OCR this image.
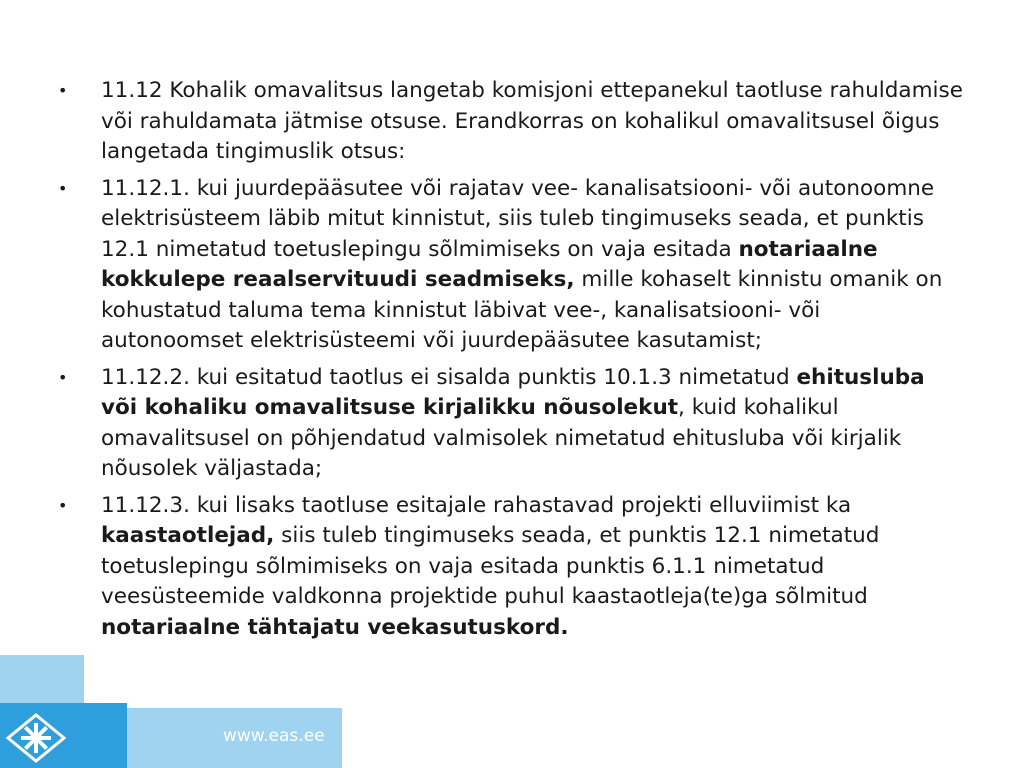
• 11.12 Kohalik omavalitsus langetab komisjoni ettepanekul taotluse rahuldamise või rahuldamata jätmise otsuse. Erandkorras on kohalikul omavalitsusel õigus langetada tingimuslik otsus:
• 11.12.1. kui juurdepääsutee või rajatav vee- kanalisatsiooni- või autonoomne elektrisüsteem läbib mitut kinnistut, siis tuleb tingimuseks seada, et punktis 12.1 nimetatud toetuslepingu sõlmimiseks on vaja esitada notariaalne kokkulepe reaalservituudi seadmiseks, mille kohaselt kinnistu omanik on kohustatud taluma tema kinnistut läbivat vee-, kanalisatsiooni- või autonoomset elektrisüsteemi või juurdepääsutee kasutamist;
• 11.12.2. kui esitatud taotlus ei sisalda punktis 10.1.3 nimetatud ehitusluba või kohaliku omavalitsuse kirjalikku nõusolekut, kuid kohalikul omavalitsusel on põhjendatud valmisolek nimetatud ehitusluba või kirjalik nõusolek väljastada;
• 11.12.3. kui lisaks taotluse esitajale rahastavad projekti elluviimist ka kaastaotlejad, siis tuleb tingimuseks seada, et punktis 12.1 nimetatud toetuslepingu sõlmimiseks on vaja esitada punktis 6.1.1 nimetatud veesüsteemide valdkonna projektide puhul kaastaotleja(te)ga sõlmitud notariaalne tähtajatu veekasutuskord.
www.eas.ee
